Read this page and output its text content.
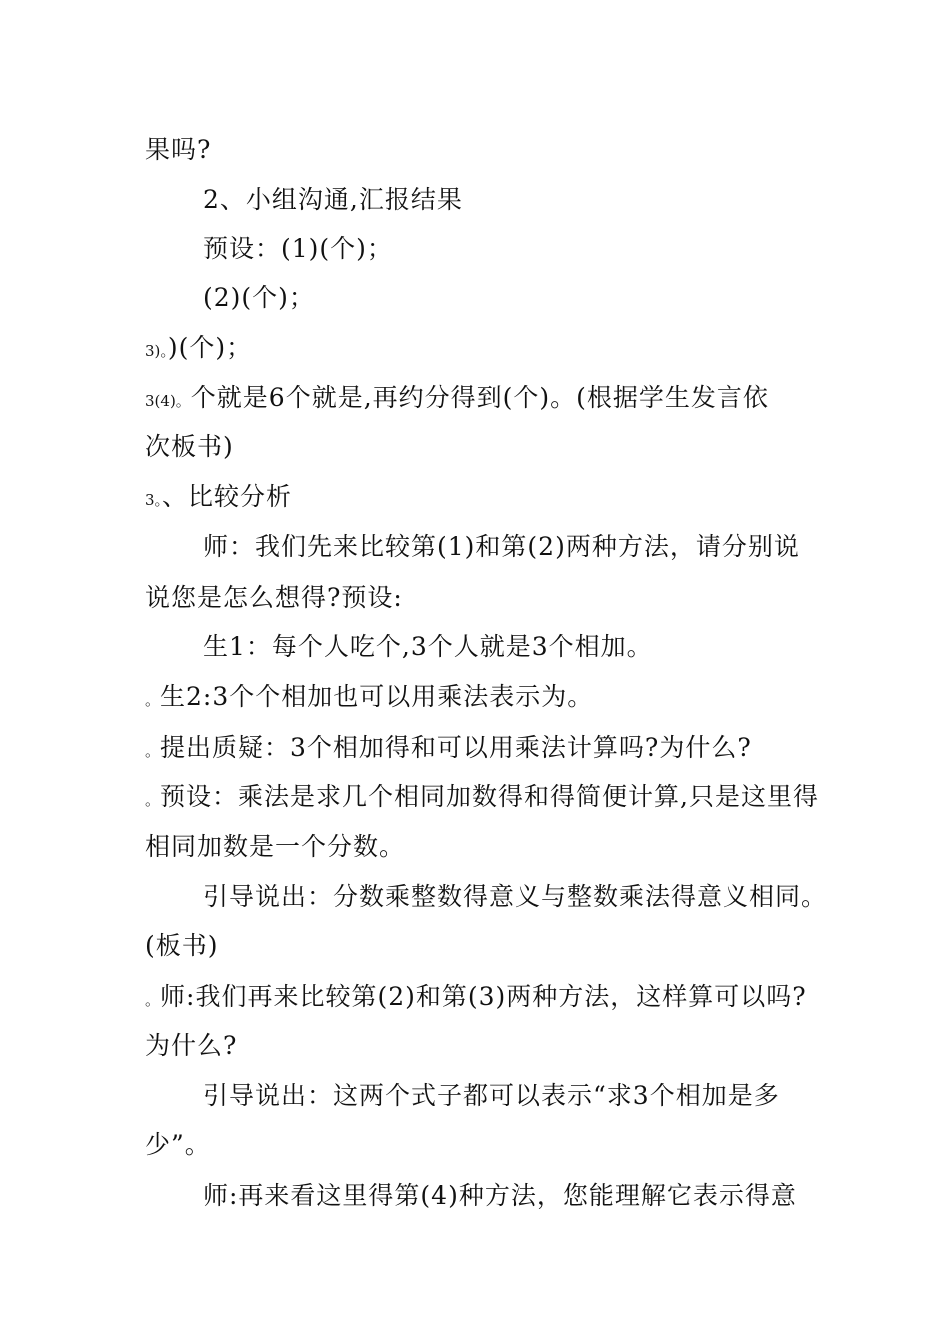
果吗?

2、小组沟通,汇报结果

预设：(1)(个)；

(2)(个)；

3)。)(个)；
3(4)。个就是6个就是,再约分得到(个)。(根据学生发言依

次板书)

3。、比较分析

师：我们先来比较第(1)和第(2)两种方法，请分别说

说您是怎么想得?预设:

生1：每个人吃个,3个人就是3个相加。

。生2:3个个相加也可以用乘法表示为。
。提出质疑：3个相加得和可以用乘法计算吗?为什么?
。预设：乘法是求几个相同加数得和得简便计算,只是这里得

相同加数是一个分数。

引导说出：分数乘整数得意义与整数乘法得意义相同。

(板书)

。师:我们再来比较第(2)和第(3)两种方法，这样算可以吗?

为什么?

引导说出：这两个式子都可以表示“求3个相加是多

少”。

师:再来看这里得第(4)种方法，您能理解它表示得意
